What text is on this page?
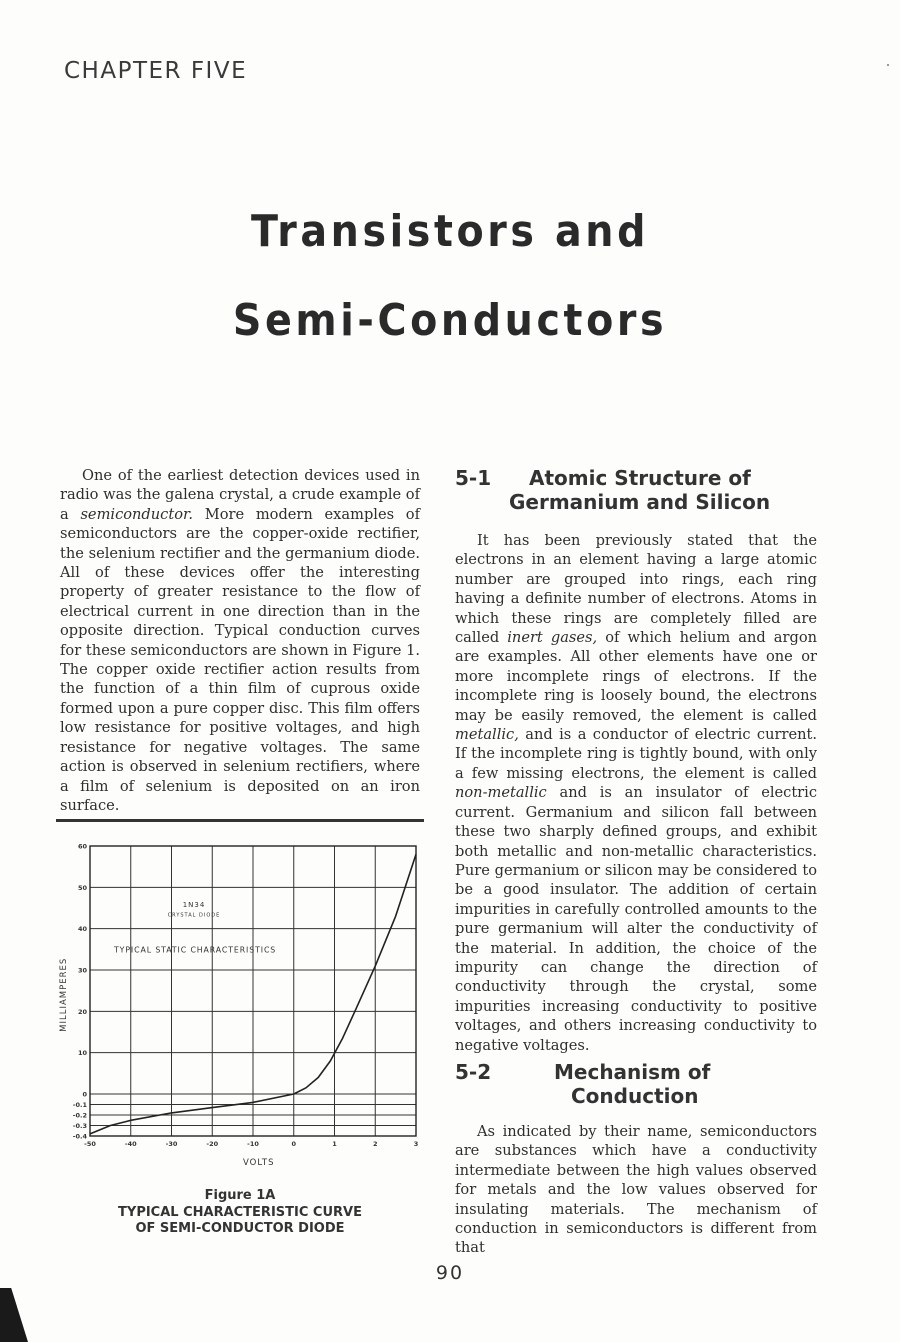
CHAPTER FIVE
Transistors and
Semi-Conductors

One of the earliest detection devices used in radio was the galena crystal, a crude example of a semiconductor. More modern examples of semiconductors are the copper-oxide rectifier, the selenium rectifier and the germanium diode. All of these devices offer the interesting property of greater resistance to the flow of electrical current in one direction than in the opposite direction. Typical conduction curves for these semiconductors are shown in Figure 1. The copper oxide rectifier action results from the function of a thin film of cuprous oxide formed upon a pure copper disc. This film offers low resistance for positive voltages, and high resistance for negative voltages. The same action is observed in selenium rectifiers, where a film of selenium is deposited on an iron surface.

5-1 Atomic Structure of
Germanium and Silicon

It has been previously stated that the electrons in an element having a large atomic number are grouped into rings, each ring having a definite number of electrons. Atoms in which these rings are completely filled are called inert gases, of which helium and argon are examples. All other elements have one or more incomplete rings of electrons. If the incomplete ring is loosely bound, the electrons may be easily removed, the element is called metallic, and is a conductor of electric current. If the incomplete ring is tightly bound, with only a few missing electrons, the element is called non-metallic and is an insulator of electric current. Germanium and silicon fall between these two sharply defined groups, and exhibit both metallic and non-metallic characteristics. Pure germanium or silicon may be considered to be a good insulator. The addition of certain impurities in carefully controlled amounts to the pure germanium will alter the conductivity of the material. In addition, the choice of the impurity can change the direction of conductivity through the crystal, some impurities increasing conductivity to positive voltages, and others increasing conductivity to negative voltages.

5-2	Mechanism of
Conduction

As indicated by their name, semiconductors are substances which have a conductivity intermediate between the high values observed for metals and the low values observed for insulating materials. The mechanism of conduction in semiconductors is different from that

60
50
40
30
20
10
0
-0.1
-0.2
-0.3
-0.4
-50	-40	-30	-20	-10	0	1	2	3
VOLTS
MILLIAMPERES
1N34
CRYSTAL DIODE
TYPICAL STATIC CHARACTERISTICS
Figure 1A
TYPICAL CHARACTERISTIC CURVE
OF SEMI-CONDUCTOR DIODE
90
